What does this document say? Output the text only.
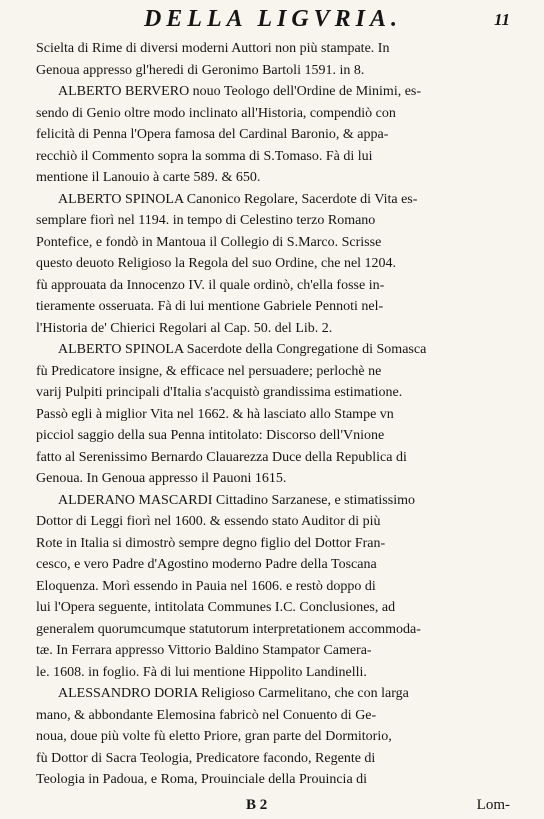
DELLA LIGVRIA.	11
Scielta di Rime di diversi moderni Auttori non più stampate. In
Genoua appresso gl'heredi di Geronimo Bartoli 1591. in 8.
ALBERTO BERVERO nouo Teologo dell'Ordine de Minimi, es-
sendo di Genio oltre modo inclinato all'Historia, compendiò con
felicità di Penna l'Opera famosa del Cardinal Baronio, & appa-
recchiò il Commento sopra la somma di S.Tomaso. Fà di lui
mentione il Lanouio à carte 589. & 650.
ALBERTO SPINOLA Canonico Regolare, Sacerdote di Vita es-
semplare fiorì nel 1194. in tempo di Celestino terzo Romano
Pontefice, e fondò in Mantoua il Collegio di S.Marco. Scrisse
questo deuoto Religioso la Regola del suo Ordine, che nel 1204.
fù approuata da Innocenzo IV. il quale ordinò, ch'ella fosse in-
tieramente osseruata. Fà di lui mentione Gabriele Pennoti nel-
l'Historia de' Chierici Regolari al Cap. 50. del Lib. 2.
ALBERTO SPINOLA Sacerdote della Congregatione di Somasca
fù Predicatore insigne, & efficace nel persuadere; perlochè ne
varij Pulpiti principali d'Italia s'acquistò grandissima estimatione.
Passò egli à miglior Vita nel 1662. & hà lasciato allo Stampe vn
picciol saggio della sua Penna intitolato: Discorso dell'Vnione
fatto al Serenissimo Bernardo Clauarezza Duce della Republica di
Genoua. In Genoua appresso il Pauoni 1615.
ALDERANO MASCARDI Cittadino Sarzanese, e stimatissimo
Dottor di Leggi fiorì nel 1600. & essendo stato Auditor di più
Rote in Italia si dimostrò sempre degno figlio del Dottor Fran-
cesco, e vero Padre d'Agostino moderno Padre della Toscana
Eloquenza. Morì essendo in Pauia nel 1606. e restò doppo di
lui l'Opera seguente, intitolata Communes I.C. Conclusiones, ad
generalem quorumcumque statutorum interpretationem accommoda-
tæ. In Ferrara appresso Vittorio Baldino Stampator Camera-
le. 1608. in foglio. Fà di lui mentione Hippolito Landinelli.
ALESSANDRO DORIA Religioso Carmelitano, che con larga
mano, & abbondante Elemosina fabricò nel Conuento di Ge-
noua, doue più volte fù eletto Priore, gran parte del Dormitorio,
fù Dottor di Sacra Teologia, Predicatore facondo, Regente di
Teologia in Padoua, e Roma, Prouinciale della Prouincia di
B 2	Lom-
